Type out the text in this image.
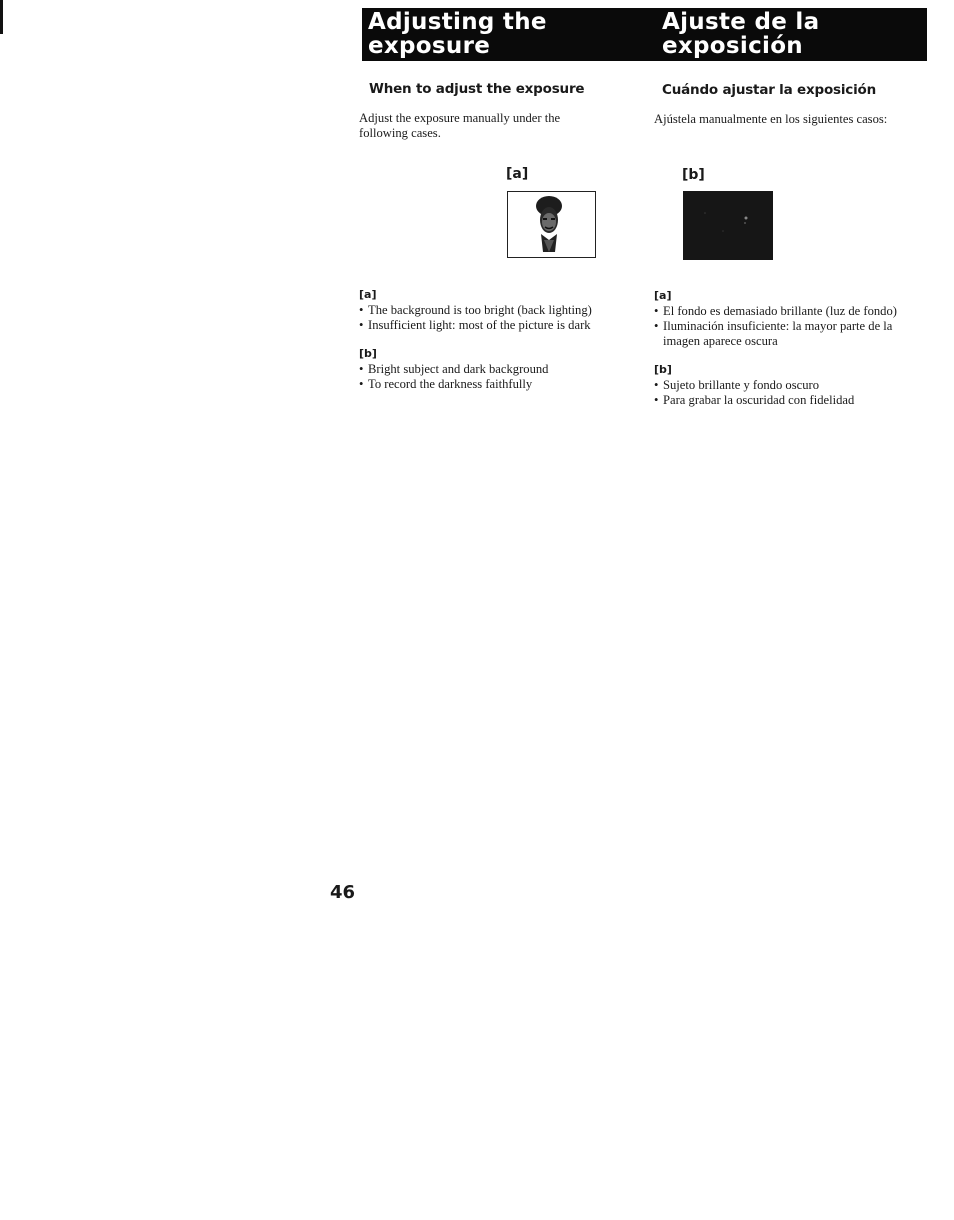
Adjusting the
exposure
Ajuste de la
exposición
When to adjust the exposure
Adjust the exposure manually under the following cases.
Cuándo ajustar la exposición
Ajústela manualmente en los siguientes casos:
[a]	[b]
[a]
• The background is too bright (back lighting)
• Insufficient light: most of the picture is dark
[b]
• Bright subject and dark background
• To record the darkness faithfully
[a]
• El fondo es demasiado brillante (luz de fondo)
• Iluminación insuficiente: la mayor parte de la imagen aparece oscura
[b]
• Sujeto brillante y fondo oscuro
• Para grabar la oscuridad con fidelidad
46
